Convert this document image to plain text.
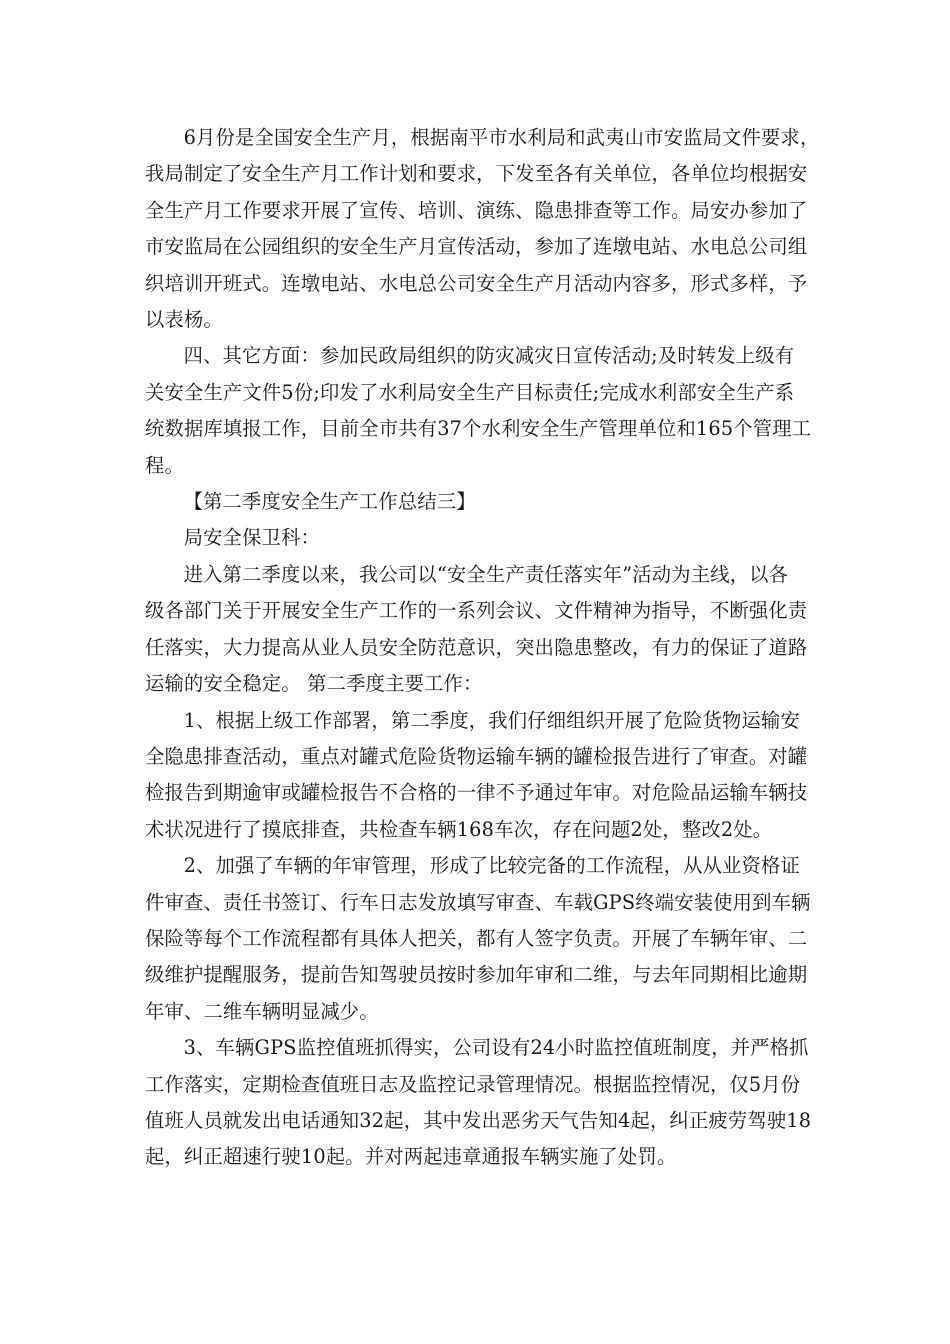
6月份是全国安全生产月，根据南平市水利局和武夷山市安监局文件要求，
我局制定了安全生产月工作计划和要求，下发至各有关单位，各单位均根据安
全生产月工作要求开展了宣传、培训、演练、隐患排查等工作。局安办参加了
市安监局在公园组织的安全生产月宣传活动，参加了连墩电站、水电总公司组
织培训开班式。连墩电站、水电总公司安全生产月活动内容多，形式多样，予
以表杨。

四、其它方面：参加民政局组织的防灾减灾日宣传活动;及时转发上级有
关安全生产文件5份;印发了水利局安全生产目标责任;完成水利部安全生产系
统数据库填报工作，目前全市共有37个水利安全生产管理单位和165个管理工
程。

【第二季度安全生产工作总结三】

局安全保卫科：

进入第二季度以来，我公司以“安全生产责任落实年”活动为主线，以各
级各部门关于开展安全生产工作的一系列会议、文件精神为指导，不断强化责
任落实，大力提高从业人员安全防范意识，突出隐患整改，有力的保证了道路
运输的安全稳定。 第二季度主要工作：

1、根据上级工作部署，第二季度，我们仔细组织开展了危险货物运输安
全隐患排查活动，重点对罐式危险货物运输车辆的罐检报告进行了审查。对罐
检报告到期逾审或罐检报告不合格的一律不予通过年审。对危险品运输车辆技
术状况进行了摸底排查，共检查车辆168车次，存在问题2处，整改2处。

2、加强了车辆的年审管理，形成了比较完备的工作流程，从从业资格证
件审查、责任书签订、行车日志发放填写审查、车载GPS终端安装使用到车辆
保险等每个工作流程都有具体人把关，都有人签字负责。开展了车辆年审、二
级维护提醒服务，提前告知驾驶员按时参加年审和二维，与去年同期相比逾期
年审、二维车辆明显减少。

3、车辆GPS监控值班抓得实，公司设有24小时监控值班制度，并严格抓
工作落实，定期检查值班日志及监控记录管理情况。根据监控情况，仅5月份
值班人员就发出电话通知32起，其中发出恶劣天气告知4起，纠正疲劳驾驶18
起，纠正超速行驶10起。并对两起违章通报车辆实施了处罚。
